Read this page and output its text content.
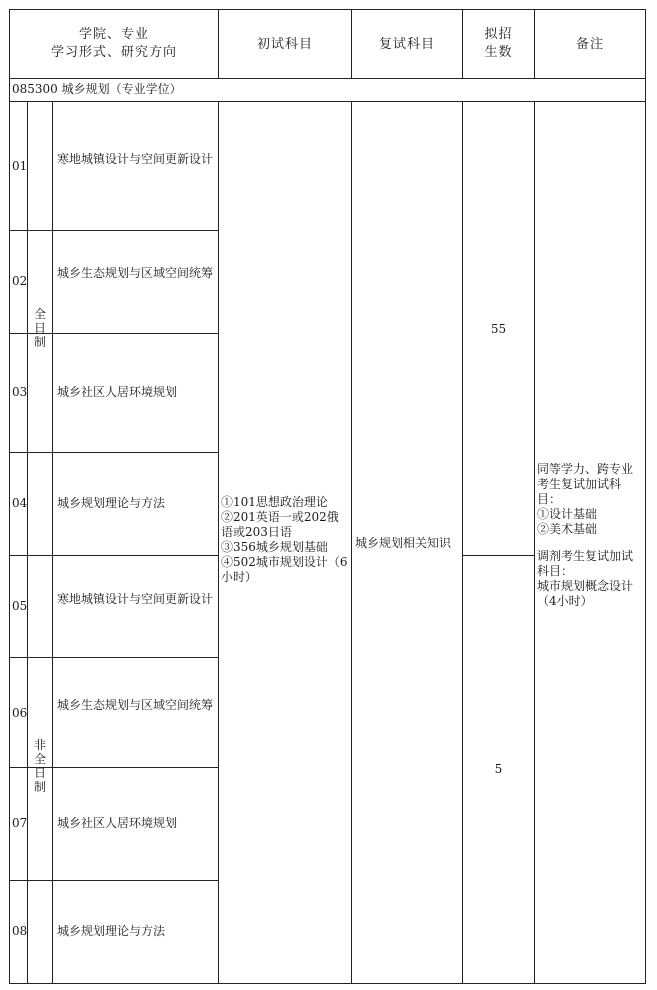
学院、专业
学习形式、研究方向
初试科目	复试科目
拟招
生数
备注
085300 城乡规划（专业学位）
01
02
03
04
05
06
07
08
全日制
非全日制
寒地城镇设计与空间更新设计
城乡生态规划与区域空间统筹
城乡社区人居环境规划
城乡规划理论与方法
寒地城镇设计与空间更新设计
城乡生态规划与区域空间统筹
城乡社区人居环境规划
城乡规划理论与方法
①101思想政治理论
②201英语一或202俄语或203日语
③356城乡规划基础
④502城市规划设计（6小时）
城乡规划相关知识
55
5
同等学力、跨专业考生复试加试科目：
①设计基础
②美术基础
调剂考生复试加试科目：
城市规划概念设计（4小时）
